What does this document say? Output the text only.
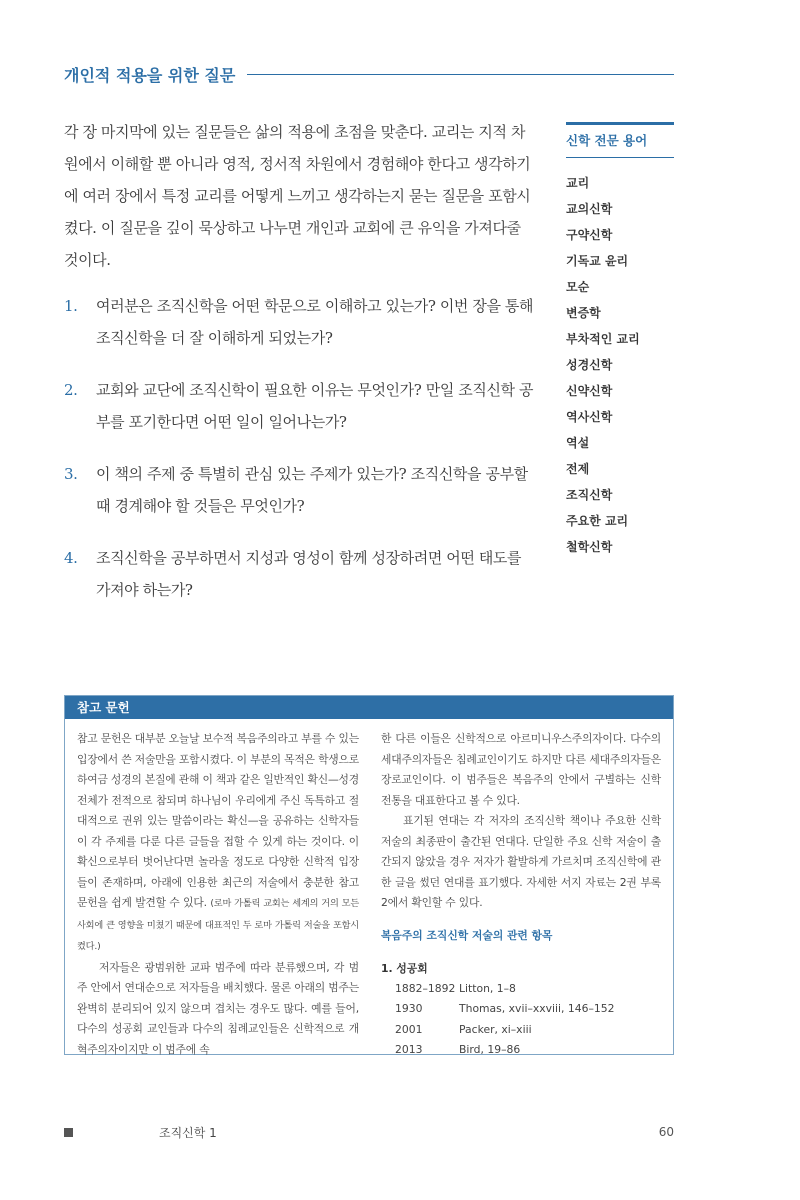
개인적 적용을 위한 질문

각 장 마지막에 있는 질문들은 삶의 적용에 초점을 맞춘다. 교리는 지적 차원에서 이해할 뿐 아니라 영적, 정서적 차원에서 경험해야 한다고 생각하기에 여러 장에서 특정 교리를 어떻게 느끼고 생각하는지 묻는 질문을 포함시켰다. 이 질문을 깊이 묵상하고 나누면 개인과 교회에 큰 유익을 가져다줄 것이다.

1.	여러분은 조직신학을 어떤 학문으로 이해하고 있는가? 이번 장을 통해 조직신학을 더 잘 이해하게 되었는가?
2.	교회와 교단에 조직신학이 필요한 이유는 무엇인가? 만일 조직신학 공부를 포기한다면 어떤 일이 일어나는가?
3.	이 책의 주제 중 특별히 관심 있는 주제가 있는가? 조직신학을 공부할 때 경계해야 할 것들은 무엇인가?
4.	조직신학을 공부하면서 지성과 영성이 함께 성장하려면 어떤 태도를 가져야 하는가?
신학 전문 용어
교리
교의신학
구약신학
기독교 윤리
모순
변증학
부차적인 교리
성경신학
신약신학
역사신학
역설
전제
조직신학
주요한 교리
철학신학
참고 문헌

참고 문헌은 대부분 오늘날 보수적 복음주의라고 부를 수 있는 입장에서 쓴 저술만을 포함시켰다. 이 부분의 목적은 학생으로 하여금 성경의 본질에 관해 이 책과 같은 일반적인 확신—성경 전체가 전적으로 참되며 하나님이 우리에게 주신 독특하고 절대적으로 권위 있는 말씀이라는 확신—을 공유하는 신학자들이 각 주제를 다룬 다른 글들을 접할 수 있게 하는 것이다. 이 확신으로부터 벗어난다면 놀라울 정도로 다양한 신학적 입장들이 존재하며, 아래에 인용한 최근의 저술에서 충분한 참고 문헌을 쉽게 발견할 수 있다. (로마 가톨릭 교회는 세계의 거의 모든 사회에 큰 영향을 미쳤기 때문에 대표적인 두 로마 가톨릭 저술을 포함시켰다.)

저자들은 광범위한 교파 범주에 따라 분류했으며, 각 범주 안에서 연대순으로 저자들을 배치했다. 물론 아래의 범주는 완벽히 분리되어 있지 않으며 겹치는 경우도 많다. 예를 들어, 다수의 성공회 교인들과 다수의 침례교인들은 신학적으로 개혁주의자이지만 이 범주에 속

한 다른 이들은 신학적으로 아르미니우스주의자이다. 다수의 세대주의자들은 침례교인이기도 하지만 다른 세대주의자들은 장로교인이다. 이 범주들은 복음주의 안에서 구별하는 신학 전통을 대표한다고 볼 수 있다.

표기된 연대는 각 저자의 조직신학 책이나 주요한 신학 저술의 최종판이 출간된 연대다. 단일한 주요 신학 저술이 출간되지 않았을 경우 저자가 활발하게 가르치며 조직신학에 관한 글을 썼던 연대를 표기했다. 자세한 서지 자료는 2권 부록 2에서 확인할 수 있다.

복음주의 조직신학 저술의 관련 항목
1. 성공회
1882–1892 Litton, 1–8
1930	Thomas, xvii–xxviii, 146–152
2001	Packer, xi–xiii
2013	Bird, 19–86
조직신학 1	60
